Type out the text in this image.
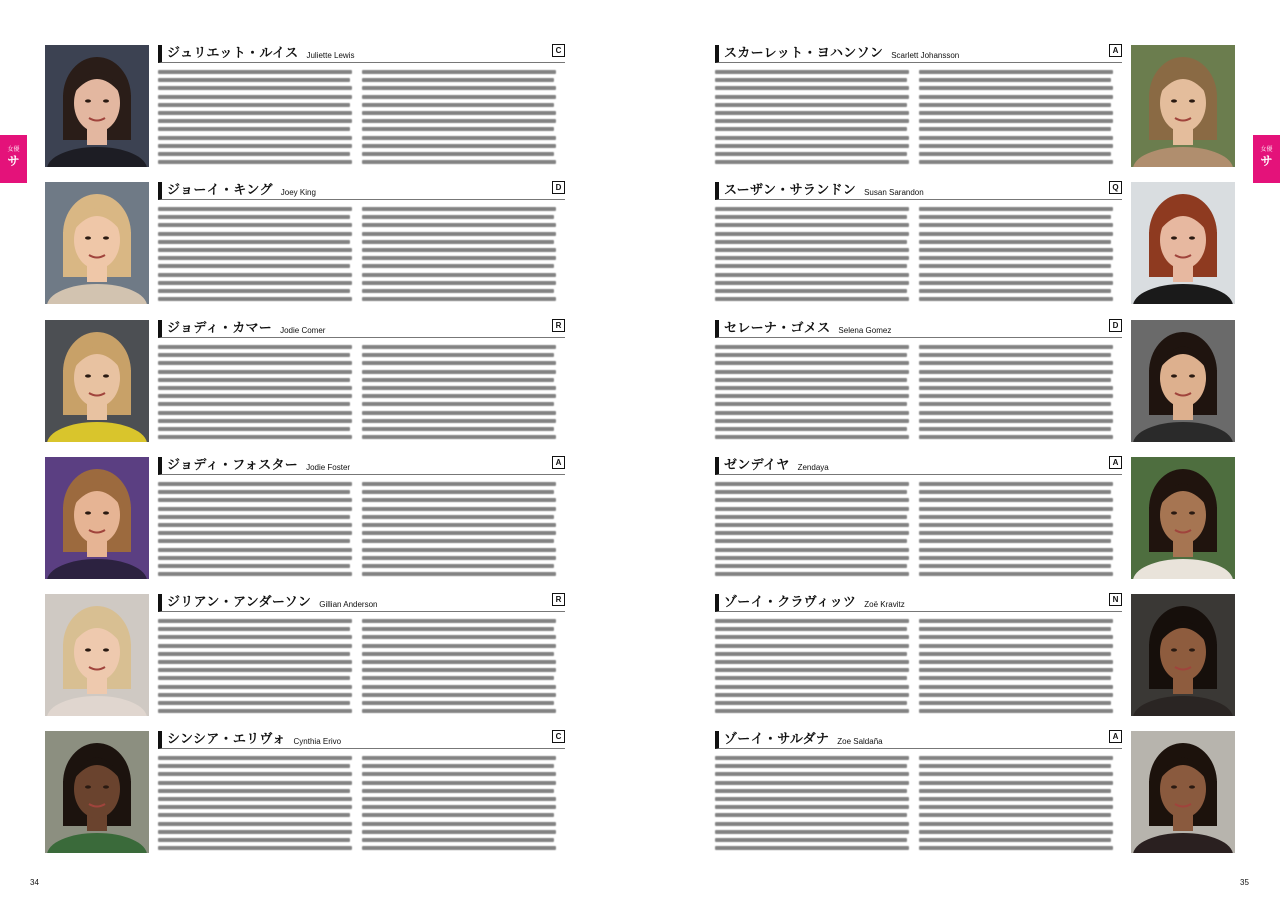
女優
サ
女優
サ
ジュリエット・ルイス Juliette Lewis
C
ジョーイ・キング Joey King
D
ジョディ・カマー Jodie Comer
R
ジョディ・フォスター Jodie Foster
A
ジリアン・アンダーソン Gillian Anderson
R
シンシア・エリヴォ Cynthia Erivo
C
スカーレット・ヨハンソン Scarlett Johansson
A
スーザン・サランドン Susan Sarandon
Q
セレーナ・ゴメス Selena Gomez
D
ゼンデイヤ Zendaya
A
ゾーイ・クラヴィッツ Zoë Kravitz
N
ゾーイ・サルダナ Zoe Saldaña
A
34	35
